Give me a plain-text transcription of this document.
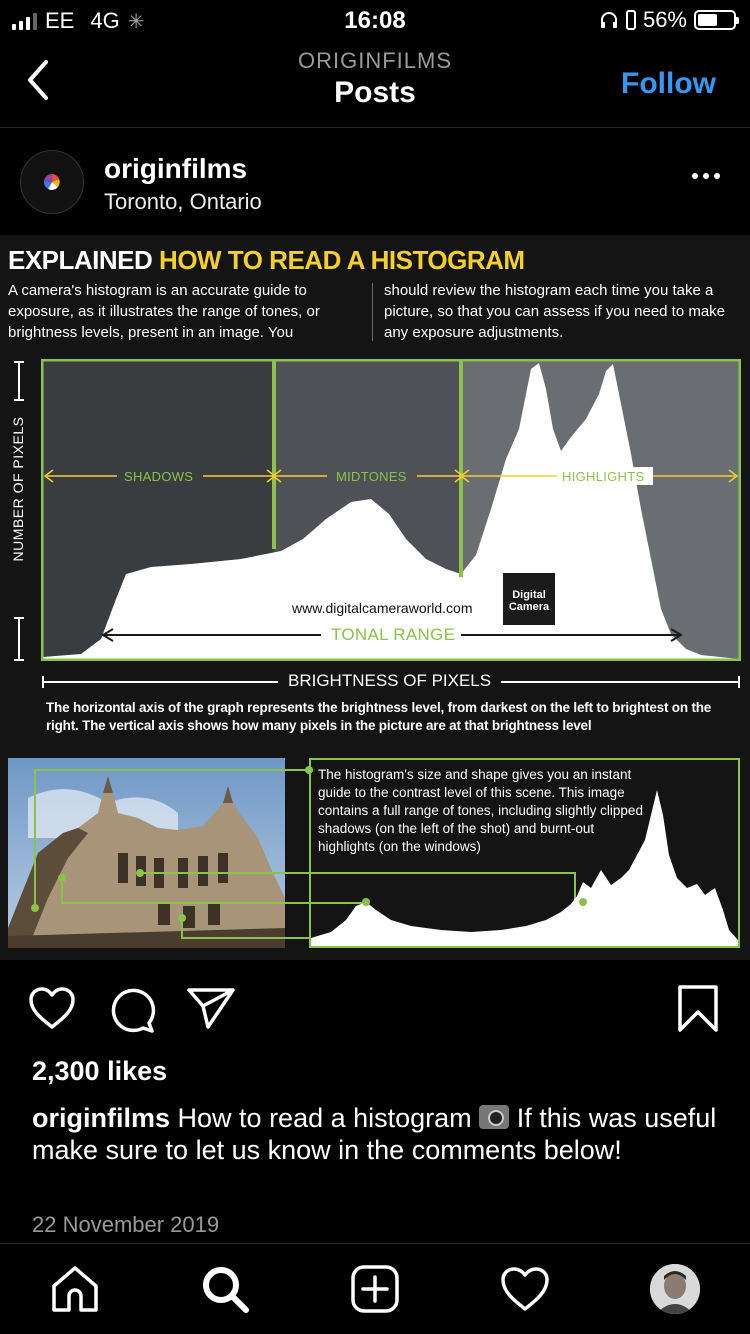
EE 4G ✳	16:08	56%
ORIGINFILMS
Posts	Follow
originfilms
Toronto, Ontario
EXPLAINED HOW TO READ A HISTOGRAM
A camera's histogram is an accurate guide to exposure, as it illustrates the range of tones, or brightness levels, present in an image. You
should review the histogram each time you take a picture, so that you can assess if you need to make any exposure adjustments.
NUMBER OF PIXELS	SHADOWS	MIDTONES	HIGHLIGHTS
www.digitalcameraworld.com
Digital Camera
TONAL RANGE
BRIGHTNESS OF PIXELS
The horizontal axis of the graph represents the brightness level, from darkest on the left to brightest on the right. The vertical axis shows how many pixels in the picture are at that brightness level
The histogram's size and shape gives you an instant guide to the contrast level of this scene. This image contains a full range of tones, including slightly clipped shadows (on the left of the shot) and burnt-out highlights (on the windows)
2,300 likes
originfilms How to read a histogram If this was useful make sure to let us know in the comments below!
22 November 2019
